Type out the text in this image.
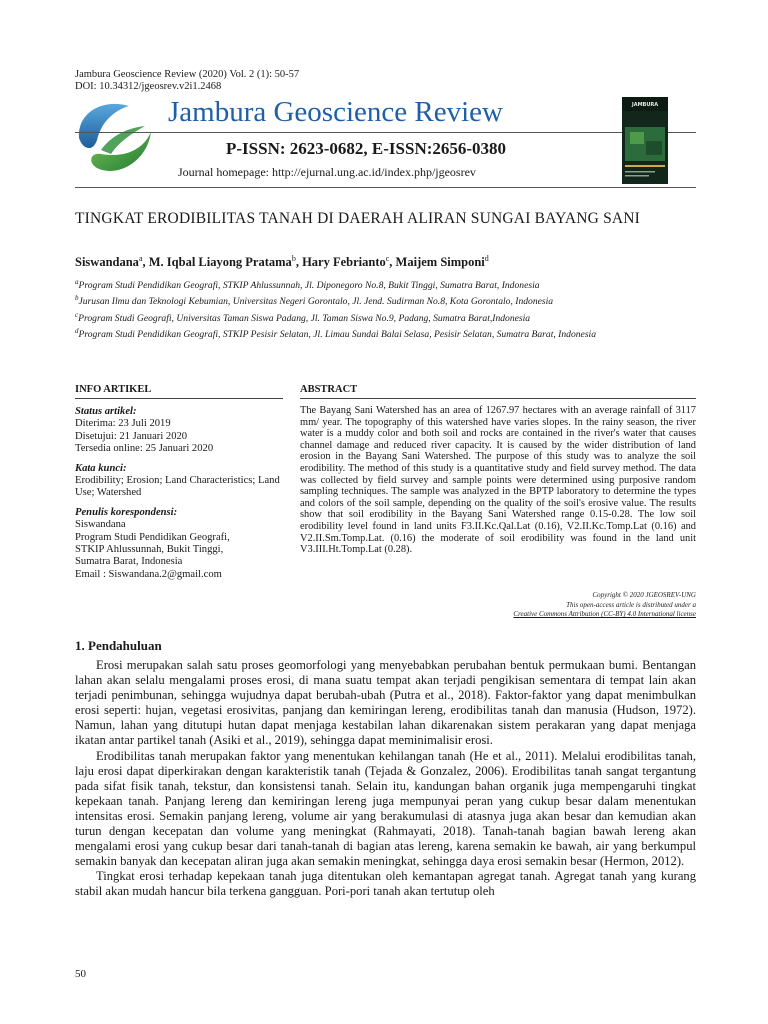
Jambura Geoscience Review (2020) Vol. 2 (1): 50-57
DOI: 10.34312/jgeosrev.v2i1.2468
Jambura Geoscience Review
P-ISSN: 2623-0682, E-ISSN:2656-0380
Journal homepage: http://ejurnal.ung.ac.id/index.php/jgeosrev
JAMBURA
TINGKAT ERODIBILITAS TANAH DI DAERAH ALIRAN SUNGAI BAYANG SANI
Siswandana$^a$, M. Iqbal Liayong Pratama$^b$, Hary Febrianto$^c$, Maijem Simponi$^d$
$^a$Program Studi Pendidikan Geografi, STKIP Ahlussunnah, Jl. Diponegoro No.8, Bukit Tinggi, Sumatra Barat, Indonesia
$^b$Jurusan Ilmu dan Teknologi Kebumian, Universitas Negeri Gorontalo, Jl. Jend. Sudirman No.8, Kota Gorontalo, Indonesia
$^c$Program Studi Geografi, Universitas Taman Siswa Padang, Jl. Taman Siswa No.9, Padang, Sumatra Barat,Indonesia
$^d$Program Studi Pendidikan Geografi, STKIP Pesisir Selatan, Jl. Limau Sundai Balai Selasa, Pesisir Selatan, Sumatra Barat, Indonesia
INFO ARTIKEL	ABSTRACT
Status artikel:
Diterima: 23 Juli 2019
Disetujui: 21 Januari 2020
Tersedia online: 25 Januari 2020
Kata kunci:
Erodibility; Erosion; Land Characteristics; Land Use; Watershed
Penulis korespondensi:
Siswandana
Program Studi Pendidikan Geografi,
STKIP Ahlussunnah, Bukit Tinggi,
Sumatra Barat, Indonesia
Email : Siswandana.2@gmail.com
The Bayang Sani Watershed has an area of 1267.97 hectares with an average rainfall of 3117 mm/ year. The topography of this watershed have varies slopes. In the rainy season, the river water is a muddy color and both soil and rocks are contained in the river's water that causes channel damage and reduced river capacity. It is caused by the wider distribution of land erosion in the Bayang Sani Watershed. The purpose of this study was to analyze the soil erodibility. The method of this study is a quantitative study and field survey method. The data was collected by field survey and sample points were determined using purposive random sampling techniques. The sample was analyzed in the BPTP laboratory to determine the types and colors of the soil sample, depending on the quality of the soil's erosive value. The results show that soil erodibility in the Bayang Sani Watershed range 0.15-0.28. The low soil erodibility level found in land units F3.II.Kc.Qal.Lat (0.16), V2.II.Kc.Tomp.Lat (0.16) and V2.II.Sm.Tomp.Lat. (0.16) the moderate of soil erodibility was found in the land unit V3.III.Ht.Tomp.Lat (0.28).
Copyright © 2020 JGEOSREV-UNG
This open-access article is distributed under a
Creative Commons Attribution (CC-BY) 4.0 International license
1. Pendahuluan

Erosi merupakan salah satu proses geomorfologi yang menyebabkan perubahan bentuk permukaan bumi. Bentangan lahan akan selalu mengalami proses erosi, di mana suatu tempat akan terjadi pengikisan sementara di tempat lain akan terjadi penimbunan, sehingga wujudnya dapat berubah-ubah (Putra et al., 2018). Faktor-faktor yang dapat menimbulkan erosi seperti: hujan, vegetasi erosivitas, panjang dan kemiringan lereng, erodibilitas tanah dan manusia (Hudson, 1972). Namun, lahan yang ditutupi hutan dapat menjaga kestabilan lahan dikarenakan sistem perakaran yang dapat menjaga ikatan antar partikel tanah (Asiki et al., 2019), sehingga dapat meminimalisir erosi.

Erodibilitas tanah merupakan faktor yang menentukan kehilangan tanah (He et al., 2011). Melalui erodibilitas tanah, laju erosi dapat diperkirakan dengan karakteristik tanah (Tejada & Gonzalez, 2006). Erodibilitas tanah sangat tergantung pada sifat fisik tanah, tekstur, dan konsistensi tanah. Selain itu, kandungan bahan organik juga mempengaruhi tingkat kepekaan tanah. Panjang lereng dan kemiringan lereng juga mempunyai peran yang cukup besar dalam menentukan intensitas erosi. Semakin panjang lereng, volume air yang berakumulasi di atasnya juga akan besar dan kemudian akan turun dengan kecepatan dan volume yang meningkat (Rahmayati, 2018). Tanah-tanah bagian bawah lereng akan mengalami erosi yang cukup besar dari tanah-tanah di bagian atas lereng, karena semakin ke bawah, air yang berkumpul semakin banyak dan kecepatan aliran juga akan semakin meningkat, sehingga daya erosi semakin besar (Hermon, 2012).

Tingkat erosi terhadap kepekaan tanah juga ditentukan oleh kemantapan agregat tanah. Agregat tanah yang kurang stabil akan mudah hancur bila terkena gangguan. Pori-pori tanah akan tertutup oleh

50
